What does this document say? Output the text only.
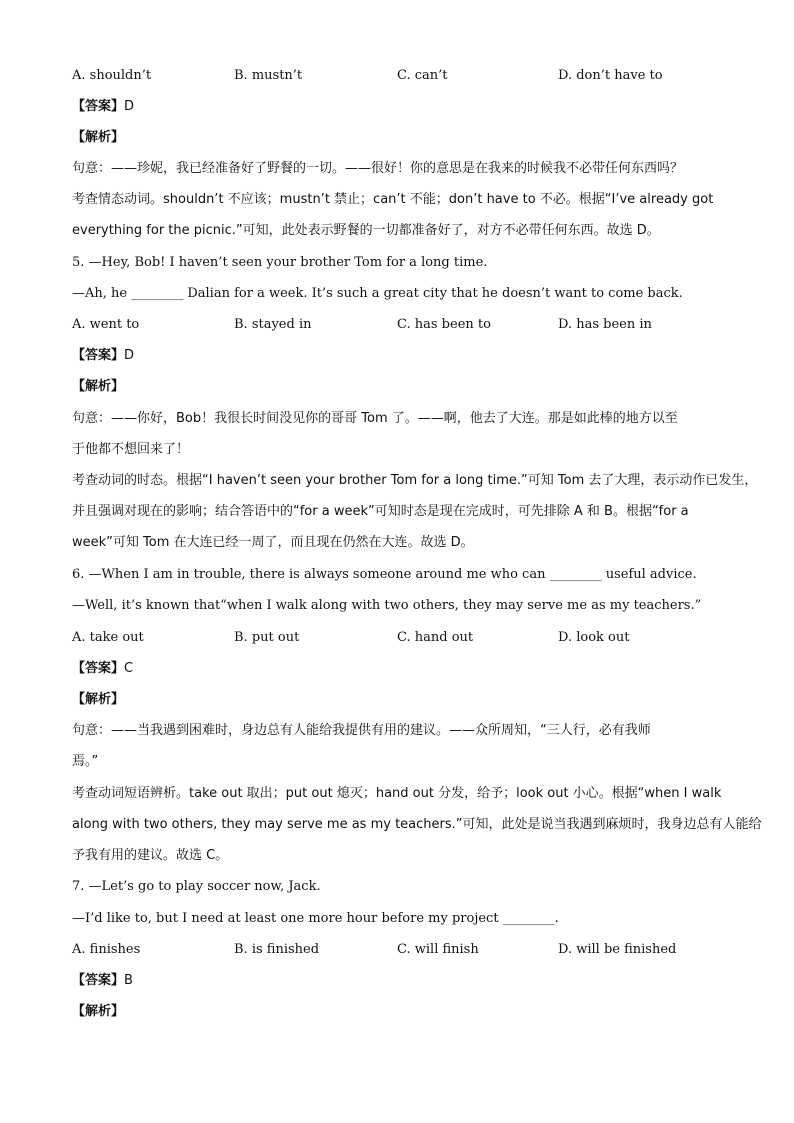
A. shouldn’t	B. mustn’t	C. can’t	D. don’t have to
【答案】D
【解析】
句意：——珍妮，我已经准备好了野餐的一切。——很好！你的意思是在我来的时候我不必带任何东西吗？
考查情态动词。shouldn’t 不应该；mustn’t 禁止；can’t 不能；don’t have to 不必。根据“I’ve already got
everything for the picnic.”可知，此处表示野餐的一切都准备好了，对方不必带任何东西。故选 D。
5. —Hey, Bob! I haven’t seen your brother Tom for a long time.
—Ah, he ________ Dalian for a week. It’s such a great city that he doesn’t want to come back.
A. went to	B. stayed in	C. has been to	D. has been in
【答案】D
【解析】
句意：——你好，Bob！我很长时间没见你的哥哥 Tom 了。——啊，他去了大连。那是如此棒的地方以至
于他都不想回来了！
考查动词的时态。根据“I haven’t seen your brother Tom for a long time.”可知 Tom 去了大理，表示动作已发生，
并且强调对现在的影响；结合答语中的“for a week”可知时态是现在完成时，可先排除 A 和 B。根据“for a
week”可知 Tom 在大连已经一周了，而且现在仍然在大连。故选 D。
6. —When I am in trouble, there is always someone around me who can ________ useful advice.
—Well, it’s known that“when I walk along with two others, they may serve me as my teachers.”
A. take out	B. put out	C. hand out	D. look out
【答案】C
【解析】
句意：——当我遇到困难时，身边总有人能给我提供有用的建议。——众所周知，“三人行，必有我师
焉。”
考查动词短语辨析。take out 取出；put out 熄灭；hand out 分发，给予；look out 小心。根据“when I walk
along with two others, they may serve me as my teachers.”可知，此处是说当我遇到麻烦时，我身边总有人能给
予我有用的建议。故选 C。
7. —Let’s go to play soccer now, Jack.
—I’d like to, but I need at least one more hour before my project ________.
A. finishes	B. is finished	C. will finish	D. will be finished
【答案】B
【解析】
